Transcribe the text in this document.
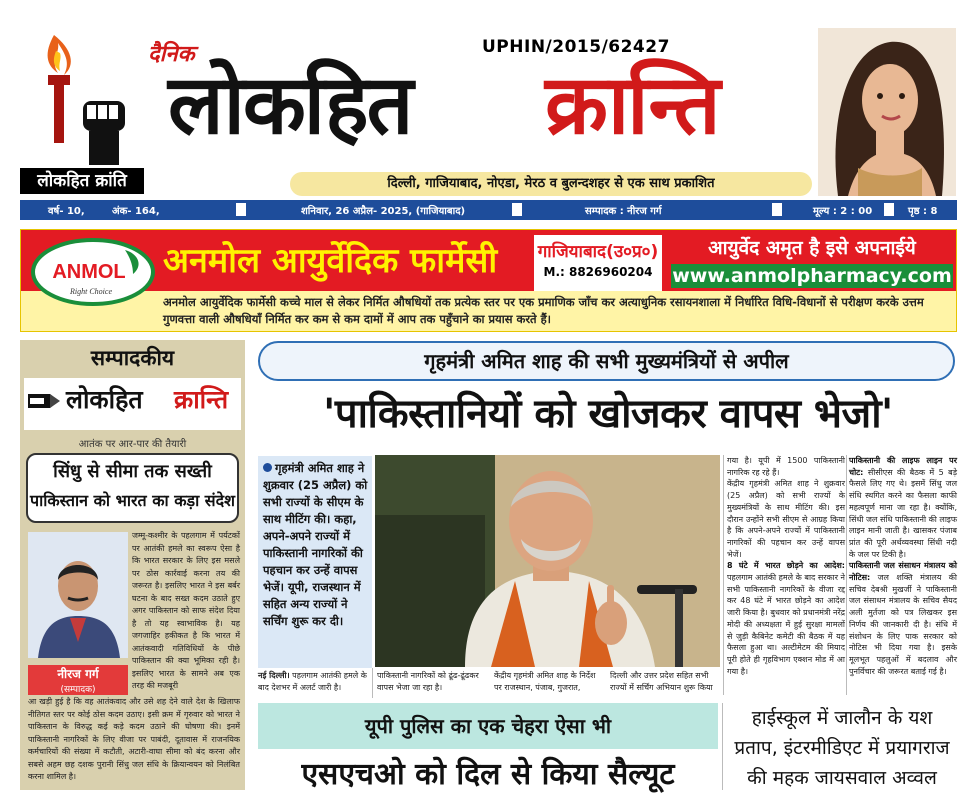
लोकहित क्रांति
दैनिक	UPHIN/2015/62427
लोकहित क्रान्ति
दिल्ली, गाजियाबाद, नोएडा, मेरठ व बुलन्दशहर से एक साथ प्रकाशित
वर्ष- 10,	अंक- 164,	शनिवार, 26 अप्रैल- 2025, (गाजियाबाद)	सम्पादक : नीरज गर्ग	मूल्य : 2 : 00	पृष्ठ : 8
ANMOL
Right Choice
अनमोल आयुर्वेदिक फार्मेसी	गाजियाबाद(उ०प्र०)
M.: 8826960204
आयुर्वेद अमृत है इसे अपनाईये
www.anmolpharmacy.com
अनमोल आयुर्वेदिक फार्मेसी कच्चे माल से लेकर निर्मित औषधियों तक प्रत्येक स्तर पर एक प्रमाणिक जाँच कर अत्याधुनिक रसायनशाला में निर्धारित विधि-विधानों से परीक्षण करके उत्तम गुणवत्ता वाली औषधियाँ निर्मित कर कम से कम दामों में आप तक पहुँचाने का प्रयास करते हैं।
सम्पादकीय
लोकहित क्रान्ति
आतंक पर आर-पार की तैयारी
सिंधु से सीमा तक सख्ती
पाकिस्तान को भारत का कड़ा संदेश
नीरज गर्ग
(सम्पादक)
जम्मू-कश्मीर के पहलगाम में पर्यटकों पर आतंकी हमले का स्वरूप ऐसा है कि भारत सरकार के लिए इस मसले पर ठोस कार्रवाई करना तय की जरूरत है। इसलिए भारत ने इस बर्बर घटना के बाद सख्त कदम उठाते हुए अगर पाकिस्तान को साफ संदेश दिया है तो यह स्वाभाविक है। यह जगजाहिर हकीकत है कि भारत में आतंकवादी गतिविधियों के पीछे पाकिस्तान की क्या भूमिका रही है। इसलिए भारत के सामने अब एक तरह की मजबूरी
आ खड़ी हुई है कि वह आतंकवाद और उसे शह देने वाले देश के खिलाफ नीतिगत स्तर पर कोई ठोस कदम उठाए। इसी क्रम में गृरुवार को भारत ने पाकिस्तान के विरुद्ध कई कड़े कदम उठाने की घोषणा की। इनमें पाकिस्तानी नागरिकों के लिए वीजा पर पाबंदी, दूतावास में राजनयिक कर्मचारियों की संख्या में कटौती, अटारी-वाघा सीमा को बंद करना और सबसे अहम छह दशक पुरानी सिंधु जल संधि के क्रियान्वयन को निलंबित करना शामिल है।
गृहमंत्री अमित शाह की सभी मुख्यमंत्रियों से अपील
'पाकिस्तानियों को खोजकर वापस भेजो'
गृहमंत्री अमित शाह ने शुक्रवार (25 अप्रैल) को सभी राज्यों के सीएम के साथ मीटिंग की। कहा, अपने-अपने राज्यों में पाकिस्तानी नागरिकों की पहचान कर उन्हें वापस भेजें। यूपी, राजस्थान में सहित अन्य राज्यों ने सर्चिंग शुरू कर दी।
नई दिल्ली। पहलगाम आतंकी हमले के बाद देशभर में अलर्ट जारी है।
पाकिस्तानी नागरिकों को ढूंढ-ढूंढकर वापस भेजा जा रहा है।
केंद्रीय गृहमंत्री अमित शाह के निर्देश पर राजस्थान, पंजाब, गुजरात,
दिल्ली और उत्तर प्रदेश सहित सभी राज्यों में सर्चिंग अभियान शुरू किया
गया है। यूपी में 1500 पाकिस्तानी नागरिक रह रहे हैं।
केंद्रीय गृहमंत्री अमित शाह ने शुक्रवार (25 अप्रैल) को सभी राज्यों के मुख्यमंत्रियों के साथ मीटिंग की। इस दौरान उन्होंने सभी सीएम से आग्रह किया है कि अपने-अपने राज्यों में पाकिस्तानी नागरिकों की पहचान कर उन्हें वापस भेजें।
8 घंटे में भारत छोड़ने का आदेश: पहलगाम आतंकी हमले के बाद सरकार ने सभी पाकिस्तानी नागरिकों के वीजा रद्द कर 48 घंटे में भारत छोड़ने का आदेश जारी किया है। बुधवार को प्रधानमंत्री नरेंद्र मोदी की अध्यक्षता में हुई सुरक्षा मामलों से जुड़ी कैबिनेट कमेटी की बैठक में यह फैसला हुआ था। अल्टीमेटम की मियाद पूरी होते ही गृहविभाग एक्शन मोड में आ गया है।
पाकिस्तानी की लाइफ लाइन पर चोट: सीसीएस की बैठक में 5 बड़े फैसले लिए गए थे। इसमें सिंधु जल संधि स्थगित करने का फैसला काफी महत्वपूर्ण माना जा रहा है। क्योंकि, सिंधी जल संधि पाकिस्तानी की लाइफ लाइन मानी जाती है। खासकर पंजाब प्रांत की पूरी अर्थव्यवस्था सिंधी नदी के जल पर टिकी है।
पाकिस्तानी जल संसाधन मंत्रालय को नोटिस: जल शक्ति मंत्रालय की सचिव देबश्री मुखर्जी ने पाकिस्तानी जल संसाधन मंत्रालय के सचिव सैयद अली मुर्तजा को पत्र लिखकर इस निर्णय की जानकारी दी है। संधि में संशोधन के लिए पाक सरकार को नोटिस भी दिया गया है। इसके मूलभूत पहलुओं में बदलाव और पुनर्विचार की जरूरत बताई गई है।
यूपी पुलिस का एक चेहरा ऐसा भी
एसएचओ को दिल से किया सैल्यूट
हाईस्कूल में जालौन के यश प्रताप, इंटरमीडिएट में प्रयागराज की महक जायसवाल अव्वल
